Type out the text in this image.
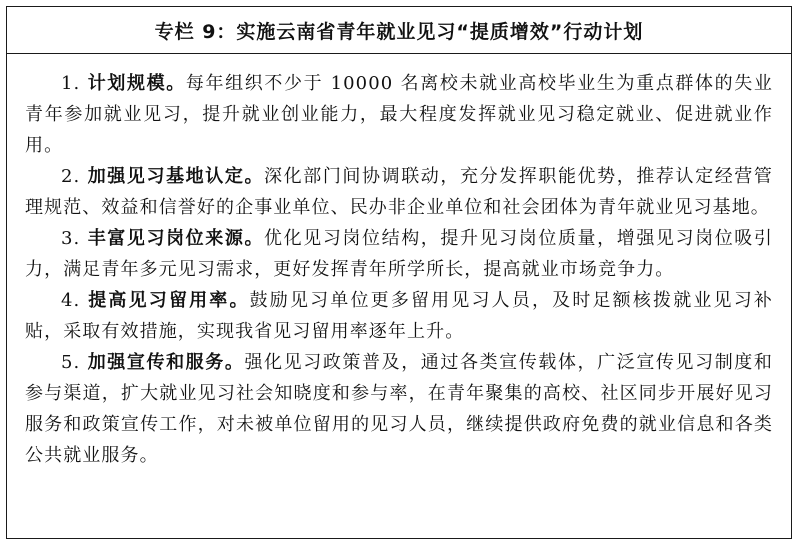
专栏 9：实施云南省青年就业见习“提质增效”行动计划

1. 计划规模。每年组织不少于 10000 名离校未就业高校毕业生为重点群体的失业青年参加就业见习，提升就业创业能力，最大程度发挥就业见习稳定就业、促进就业作用。

2. 加强见习基地认定。深化部门间协调联动，充分发挥职能优势，推荐认定经营管理规范、效益和信誉好的企事业单位、民办非企业单位和社会团体为青年就业见习基地。

3. 丰富见习岗位来源。优化见习岗位结构，提升见习岗位质量，增强见习岗位吸引力，满足青年多元见习需求，更好发挥青年所学所长，提高就业市场竞争力。

4. 提高见习留用率。鼓励见习单位更多留用见习人员，及时足额核拨就业见习补贴，采取有效措施，实现我省见习留用率逐年上升。

5. 加强宣传和服务。强化见习政策普及，通过各类宣传载体，广泛宣传见习制度和参与渠道，扩大就业见习社会知晓度和参与率，在青年聚集的高校、社区同步开展好见习服务和政策宣传工作，对未被单位留用的见习人员，继续提供政府免费的就业信息和各类公共就业服务。
